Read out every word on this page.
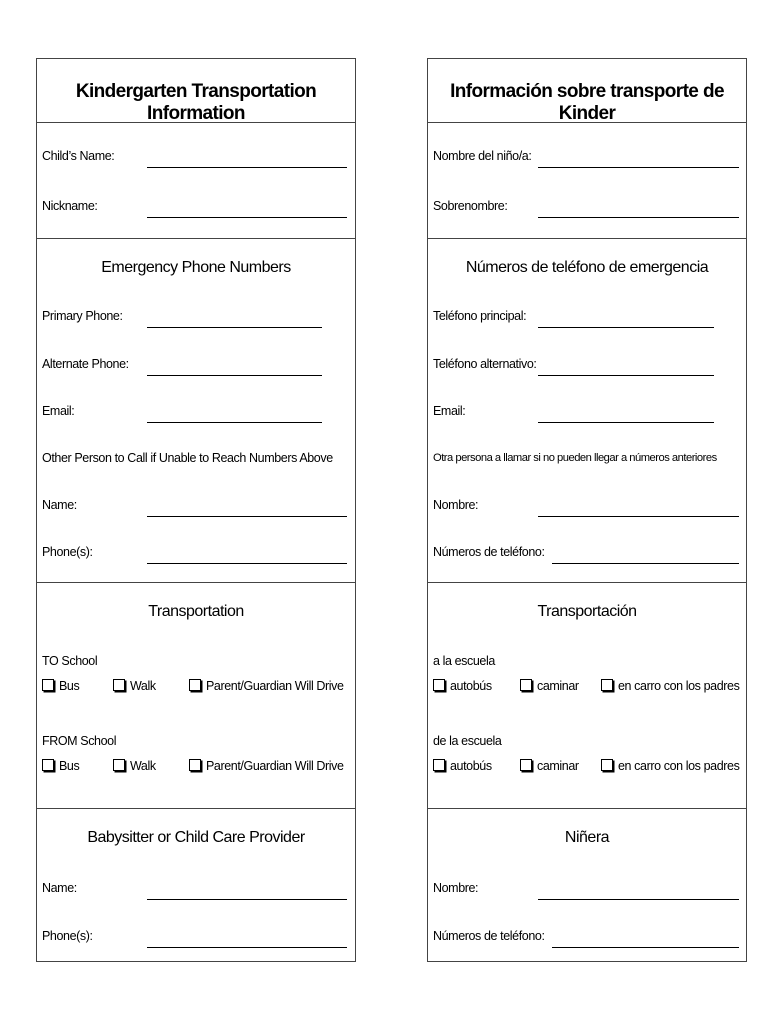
Kindergarten Transportation Information
Child’s Name:
Nickname:
Emergency Phone Numbers
Primary Phone:
Alternate Phone:
Email:
Other Person to Call if Unable to Reach Numbers Above
Name:
Phone(s):
Transportation
TO School
Bus	Walk	Parent/Guardian Will Drive
FROM School
Bus	Walk	Parent/Guardian Will Drive
Babysitter or Child Care Provider
Name:
Phone(s):
Información sobre transporte de Kinder
Nombre del niño/a:
Sobrenombre:
Números de teléfono de emergencia
Teléfono principal:
Teléfono alternativo:
Email:
Otra persona a llamar si no pueden llegar a números anteriores
Nombre:
Números de teléfono:
Transportación
a la escuela
autobús	caminar	en carro con los padres
de la escuela
autobús	caminar	en carro con los padres
Niñera
Nombre:
Números de teléfono:
